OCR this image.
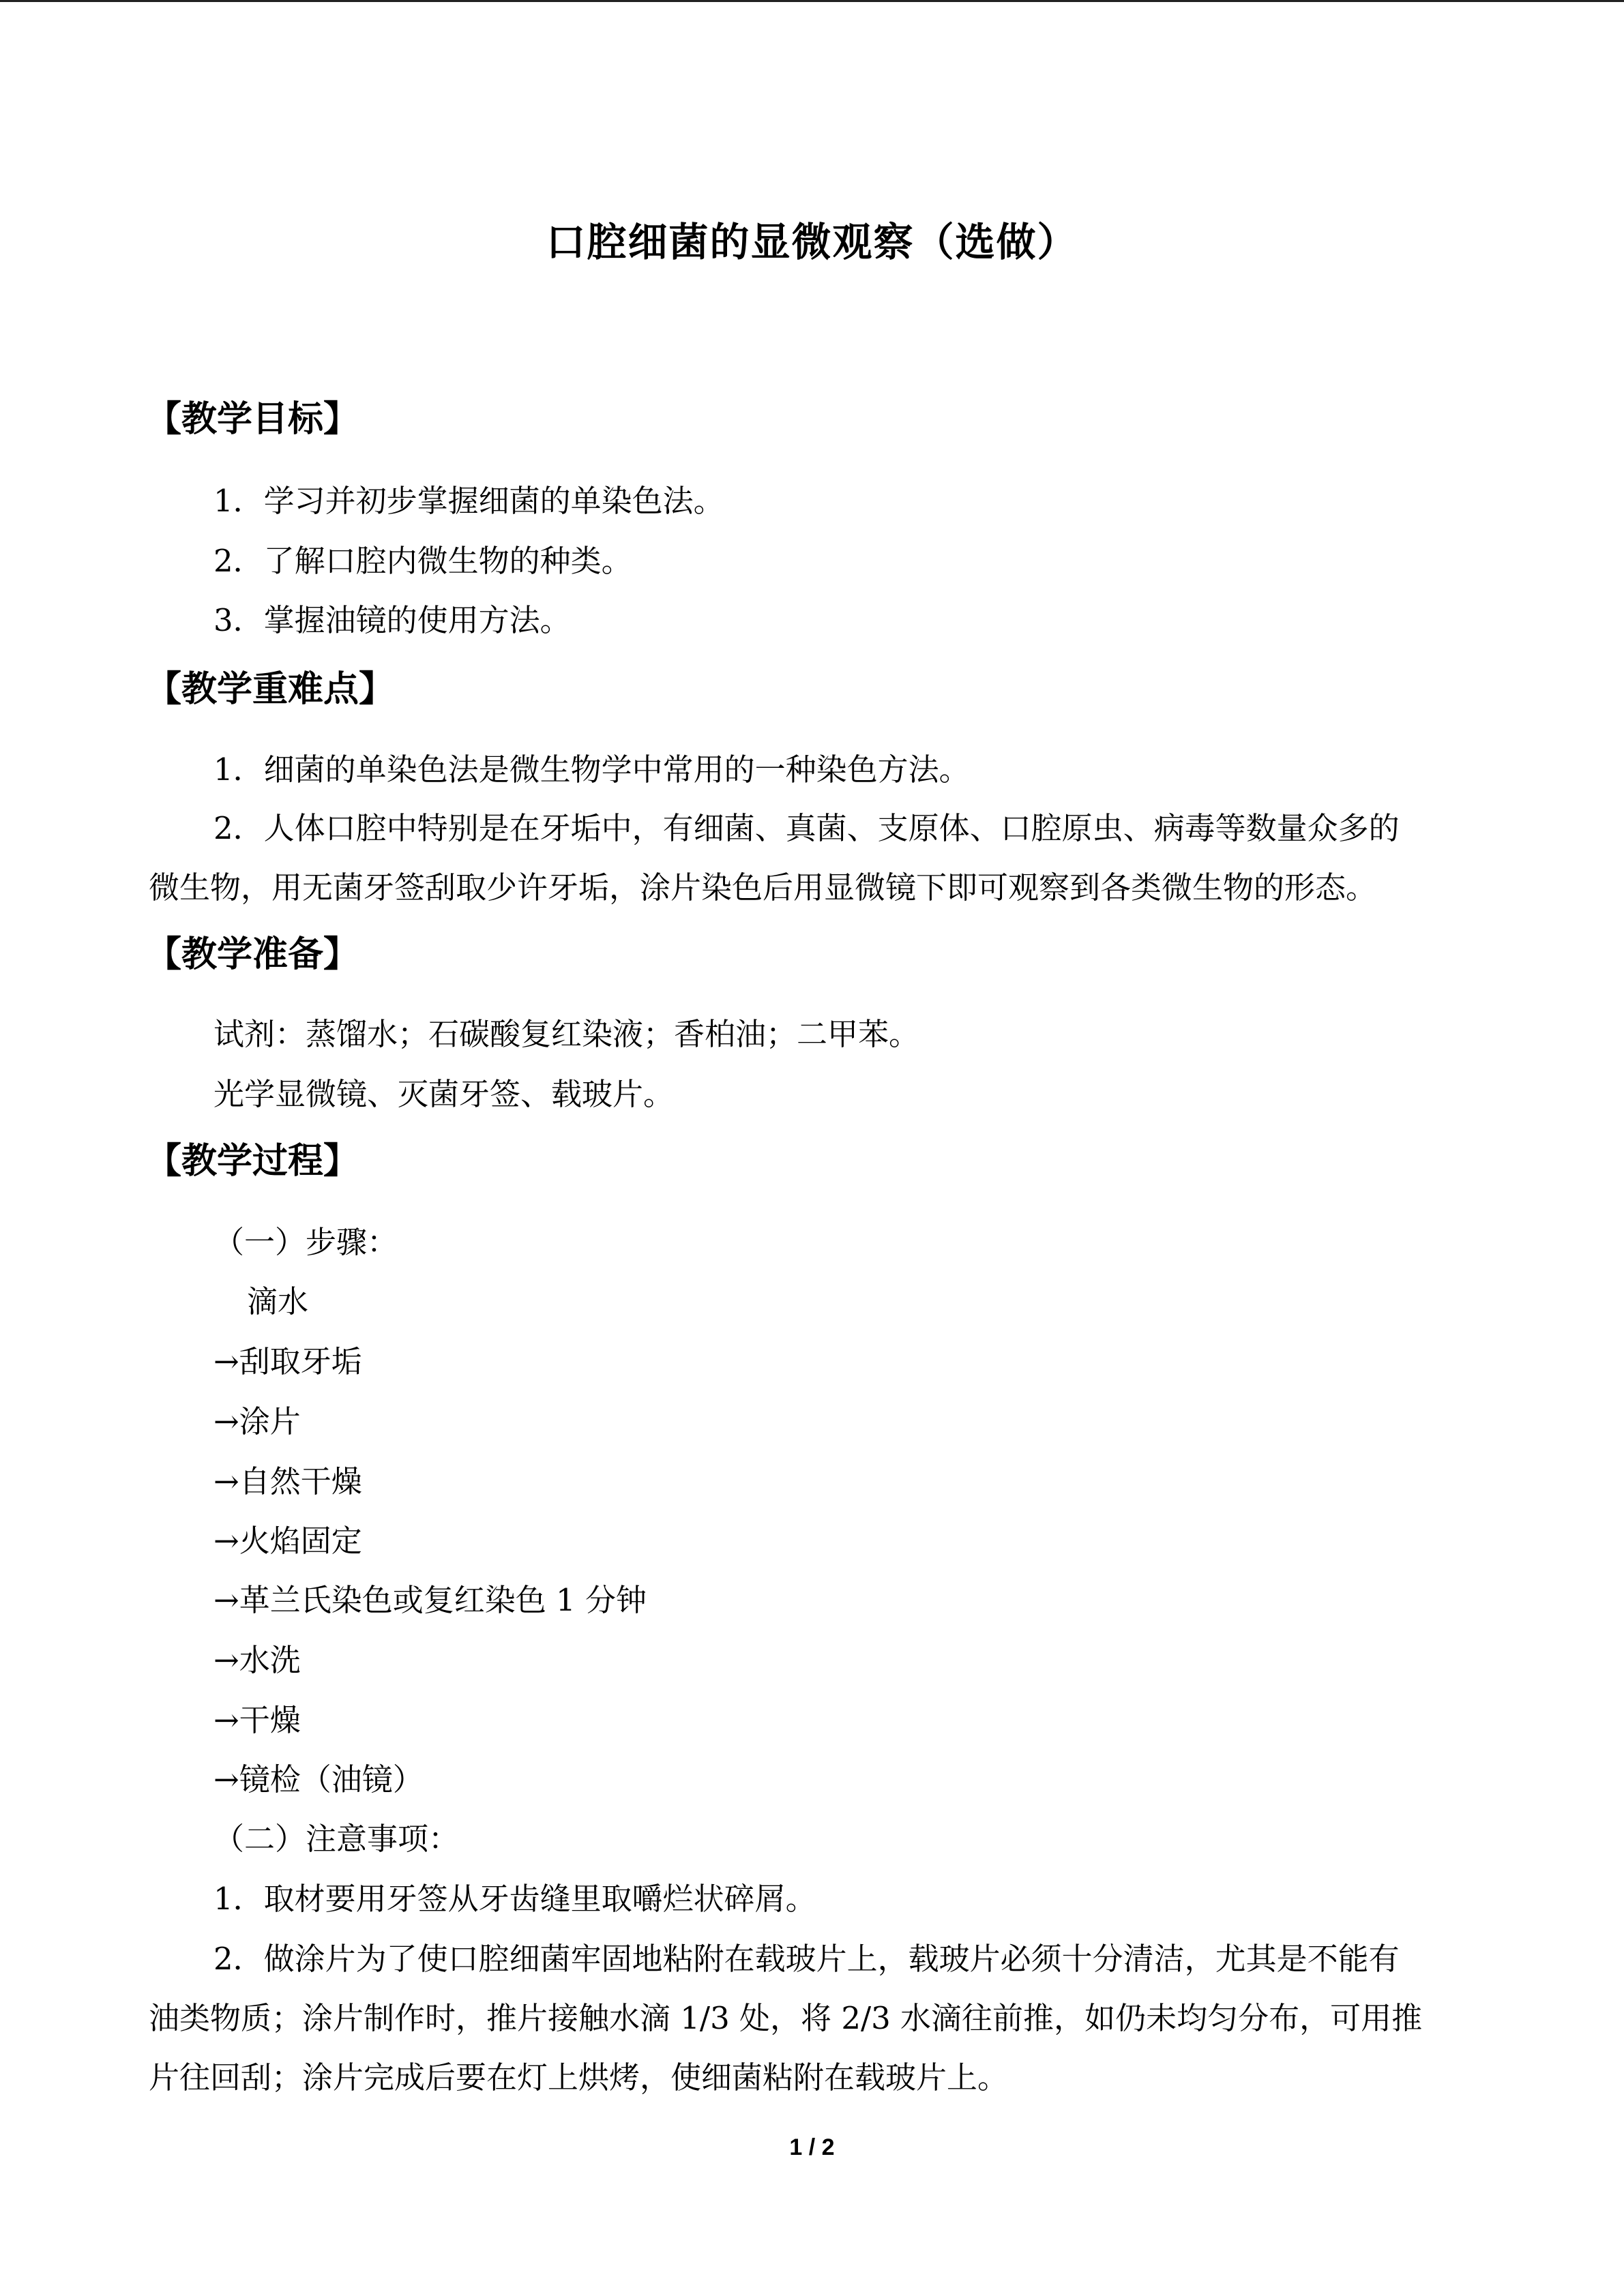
口腔细菌的显微观察（选做）
【教学目标】
1．学习并初步掌握细菌的单染色法。
2．了解口腔内微生物的种类。
3．掌握油镜的使用方法。
【教学重难点】
1．细菌的单染色法是微生物学中常用的一种染色方法。
2．人体口腔中特别是在牙垢中，有细菌、真菌、支原体、口腔原虫、病毒等数量众多的
微生物，用无菌牙签刮取少许牙垢，涂片染色后用显微镜下即可观察到各类微生物的形态。
【教学准备】
试剂：蒸馏水；石碳酸复红染液；香柏油；二甲苯。
光学显微镜、灭菌牙签、载玻片。
【教学过程】
（一）步骤：
滴水
→刮取牙垢
→涂片
→自然干燥
→火焰固定
→革兰氏染色或复红染色 1 分钟
→水洗
→干燥
→镜检（油镜）
（二）注意事项：
1．取材要用牙签从牙齿缝里取嚼烂状碎屑。
2．做涂片为了使口腔细菌牢固地粘附在载玻片上，载玻片必须十分清洁，尤其是不能有
油类物质；涂片制作时，推片接触水滴 1/3 处，将 2/3 水滴往前推，如仍未均匀分布，可用推
片往回刮；涂片完成后要在灯上烘烤，使细菌粘附在载玻片上。
1 / 2
